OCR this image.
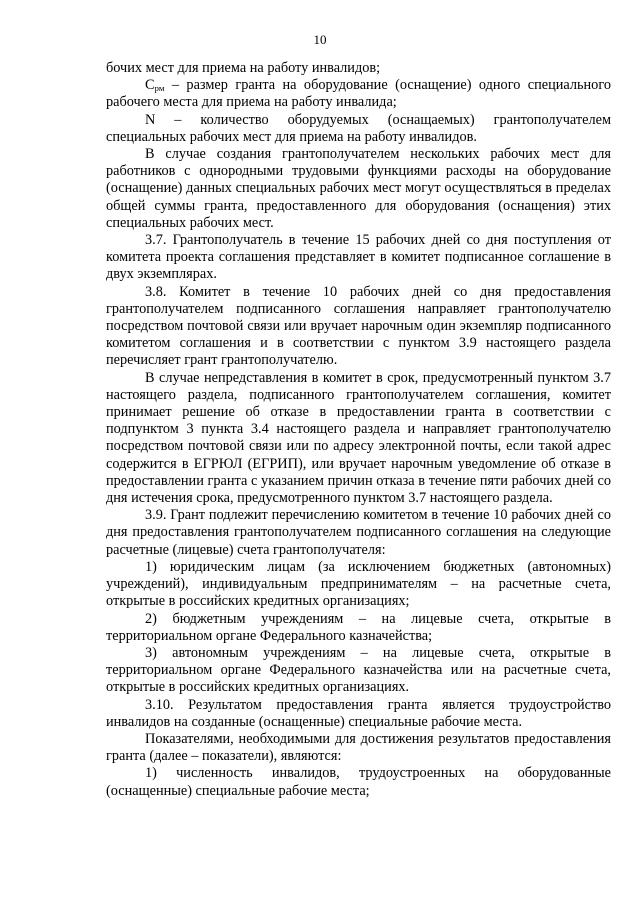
10

бочих мест для приема на работу инвалидов;

$С_{рм}$ – размер гранта на оборудование (оснащение) одного специального рабочего места для приема на работу инвалида;

N – количество оборудуемых (оснащаемых) грантополучателем специальных рабочих мест для приема на работу инвалидов.

В случае создания грантополучателем нескольких рабочих мест для работников с однородными трудовыми функциями расходы на оборудование (оснащение) данных специальных рабочих мест могут осуществляться в пределах общей суммы гранта, предоставленного для оборудования (оснащения) этих специальных рабочих мест.

3.7. Грантополучатель в течение 15 рабочих дней со дня поступления от комитета проекта соглашения представляет в комитет подписанное соглашение в двух экземплярах.

3.8. Комитет в течение 10 рабочих дней со дня предоставления грантополучателем подписанного соглашения направляет грантополучателю посредством почтовой связи или вручает нарочным один экземпляр подписанного комитетом соглашения и в соответствии с пунктом 3.9 настоящего раздела перечисляет грант грантополучателю.

В случае непредставления в комитет в срок, предусмотренный пунктом 3.7 настоящего раздела, подписанного грантополучателем соглашения, комитет принимает решение об отказе в предоставлении гранта в соответствии с подпунктом 3 пункта 3.4 настоящего раздела и направляет грантополучателю посредством почтовой связи или по адресу электронной почты, если такой адрес содержится в ЕГРЮЛ (ЕГРИП), или вручает нарочным уведомление об отказе в предоставлении гранта с указанием причин отказа в течение пяти рабочих дней со дня истечения срока, предусмотренного пунктом 3.7 настоящего раздела.

3.9. Грант подлежит перечислению комитетом в течение 10 рабочих дней со дня предоставления грантополучателем подписанного соглашения на следующие расчетные (лицевые) счета грантополучателя:

1) юридическим лицам (за исключением бюджетных (автономных) учреждений), индивидуальным предпринимателям – на расчетные счета, открытые в российских кредитных организациях;

2) бюджетным учреждениям – на лицевые счета, открытые в территориальном органе Федерального казначейства;

3) автономным учреждениям – на лицевые счета, открытые в территориальном органе Федерального казначейства или на расчетные счета, открытые в российских кредитных организациях.

3.10. Результатом предоставления гранта является трудоустройство инвалидов на созданные (оснащенные) специальные рабочие места.

Показателями, необходимыми для достижения результатов предоставления гранта (далее – показатели), являются:

1) численность инвалидов, трудоустроенных на оборудованные (оснащенные) специальные рабочие места;
